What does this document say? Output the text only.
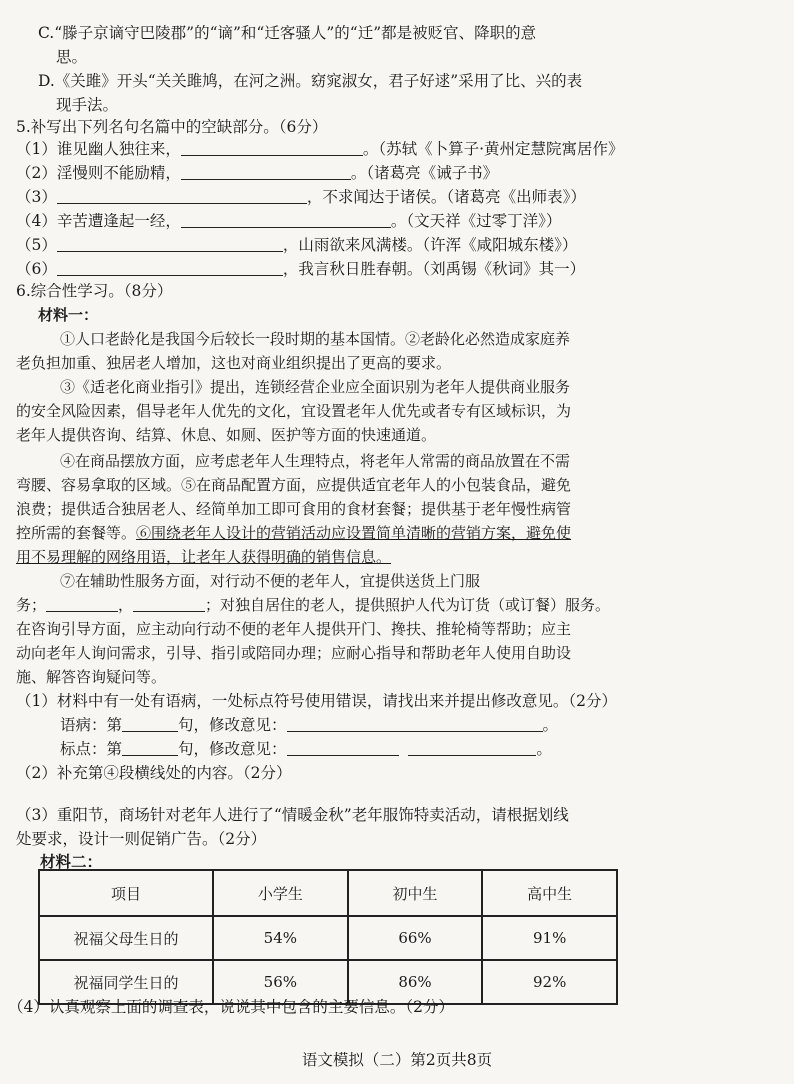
C.“滕子京谪守巴陵郡”的“谪”和“迁客骚人”的“迁”都是被贬官、降职的意
思。
D.《关雎》开头“关关雎鸠，在河之洲。窈窕淑女，君子好逑”采用了比、兴的表
现手法。
5.补写出下列名句名篇中的空缺部分。（6分）
（1）谁见幽人独往来，	。（苏轼《卜算子·黄州定慧院寓居作》
（2）淫慢则不能励精，	。（诸葛亮《诫子书》
（3）	，不求闻达于诸侯。（诸葛亮《出师表》）
（4）辛苦遭逢起一经，	。（文天祥《过零丁洋》）
（5）	，山雨欲来风满楼。（许浑《咸阳城东楼》）
（6）	，我言秋日胜春朝。（刘禹锡《秋词》其一）
6.综合性学习。（8分）
材料一：
①人口老龄化是我国今后较长一段时期的基本国情。②老龄化必然造成家庭养
老负担加重、独居老人增加，这也对商业组织提出了更高的要求。
③《适老化商业指引》提出，连锁经营企业应全面识别为老年人提供商业服务
的安全风险因素，倡导老年人优先的文化，宜设置老年人优先或者专有区域标识，为
老年人提供咨询、结算、休息、如厕、医护等方面的快速通道。
④在商品摆放方面，应考虑老年人生理特点，将老年人常需的商品放置在不需
弯腰、容易拿取的区域。⑤在商品配置方面，应提供适宜老年人的小包装食品，避免
浪费；提供适合独居老人、经简单加工即可食用的食材套餐；提供基于老年慢性病管
控所需的套餐等。⑥围绕老年人设计的营销活动应设置简单清晰的营销方案，避免使
用不易理解的网络用语，让老年人获得明确的销售信息。
⑦在辅助性服务方面，对行动不便的老年人，宜提供送货上门服
务；	，	；对独自居住的老人，提供照护人代为订货（或订餐）服务。
在咨询引导方面，应主动向行动不便的老年人提供开门、搀扶、推轮椅等帮助；应主
动向老年人询问需求，引导、指引或陪同办理；应耐心指导和帮助老年人使用自助设
施、解答咨询疑问等。
（1）材料中有一处有语病，一处标点符号使用错误，请找出来并提出修改意见。（2分）
语病：第	句，修改意见：	。
标点：第	句，修改意见：	。
（2）补充第④段横线处的内容。（2分）
（3）重阳节，商场针对老年人进行了“情暖金秋”老年服饰特卖活动，请根据划线
处要求，设计一则促销广告。（2分）
材料二：
项目	小学生	初中生	高中生
祝福父母生日的	54%	66%	91%
祝福同学生日的	56%	86%	92%
（4）认真观察上面的调查表，说说其中包含的主要信息。（2分）
语文模拟（二）第2页共8页
